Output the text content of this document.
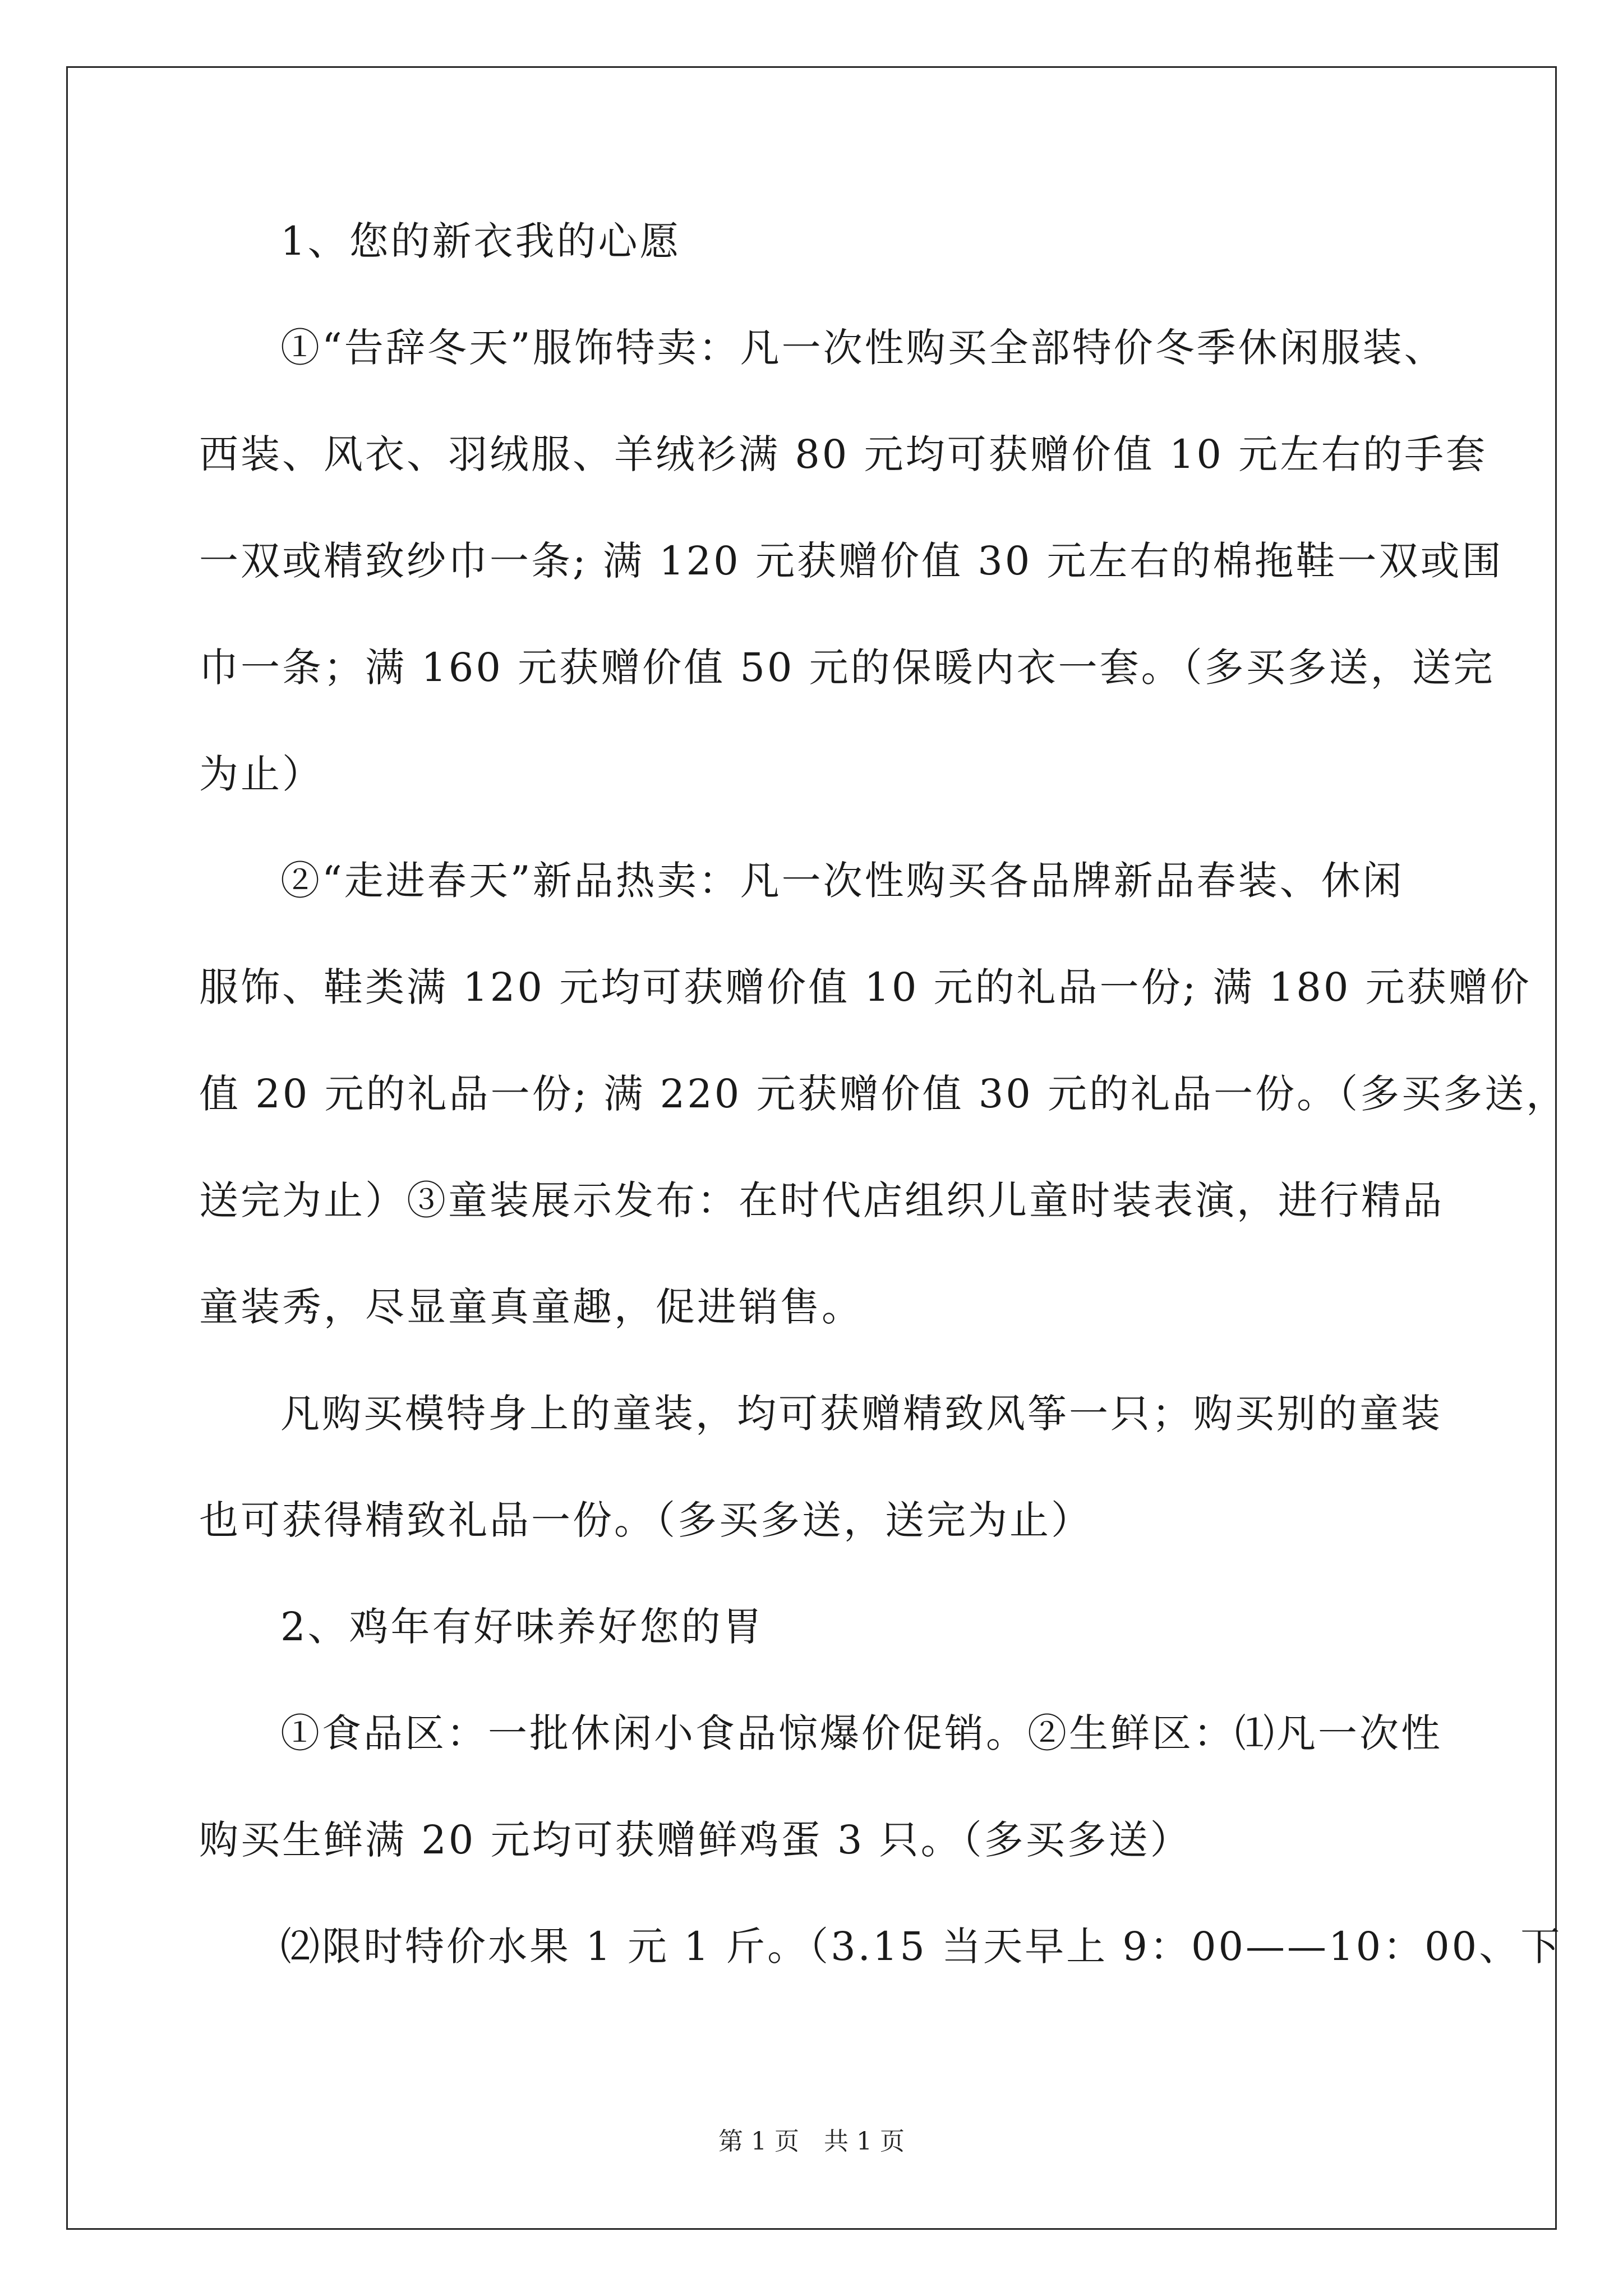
1、您的新衣我的心愿
①“告辞冬天”服饰特卖：凡一次性购买全部特价冬季休闲服装、
西装、风衣、羽绒服、羊绒衫满 80 元均可获赠价值 10 元左右的手套
一双或精致纱巾一条; 满 120 元获赠价值 30 元左右的棉拖鞋一双或围
巾一条；满 160 元获赠价值 50 元的保暖内衣一套。（多买多送，送完
为止）
②“走进春天”新品热卖：凡一次性购买各品牌新品春装、休闲
服饰、鞋类满 120 元均可获赠价值 10 元的礼品一份; 满 180 元获赠价
值 20 元的礼品一份; 满 220 元获赠价值 30 元的礼品一份。（多买多送，
送完为止）③童装展示发布：在时代店组织儿童时装表演，进行精品
童装秀，尽显童真童趣，促进销售。
凡购买模特身上的童装，均可获赠精致风筝一只；购买别的童装
也可获得精致礼品一份。（多买多送，送完为止）
2、鸡年有好味养好您的胃
①食品区：一批休闲小食品惊爆价促销。②生鲜区：⑴凡一次性
购买生鲜满 20 元均可获赠鲜鸡蛋 3 只。（多买多送）
⑵限时特价水果 1 元 1 斤。（3.15 当天早上 9：00——10：00、下
第 1 页　共 1 页
